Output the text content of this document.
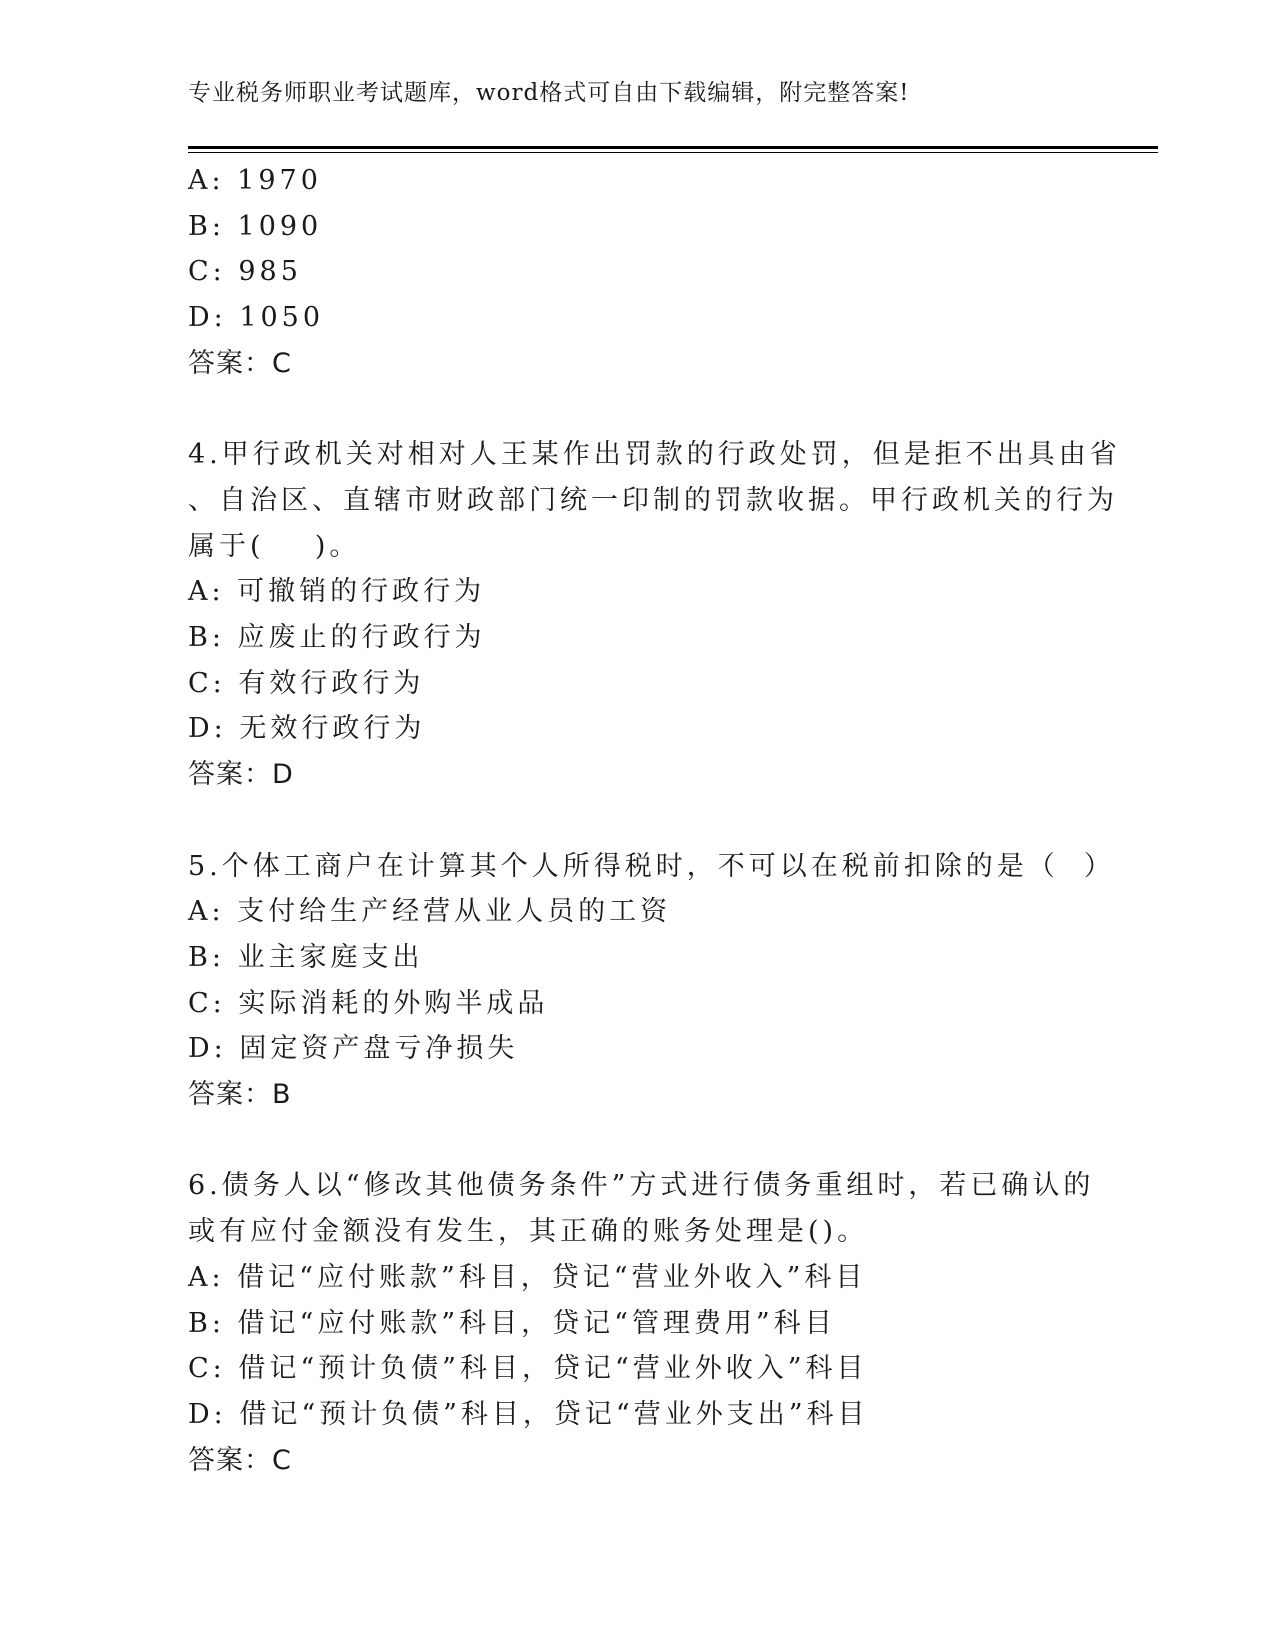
专业税务师职业考试题库，word格式可自由下载编辑，附完整答案!
A: 1970
B: 1090
C: 985
D: 1050
答案：C
4.甲行政机关对相对人王某作出罚款的行政处罚，但是拒不出具由省
、自治区、直辖市财政部门统一印制的罚款收据。甲行政机关的行为
属于(    )。
A: 可撤销的行政行为
B: 应废止的行政行为
C: 有效行政行为
D: 无效行政行为
答案：D
5.个体工商户在计算其个人所得税时，不可以在税前扣除的是（  ）
A: 支付给生产经营从业人员的工资
B: 业主家庭支出
C: 实际消耗的外购半成品
D: 固定资产盘亏净损失
答案：B
6.债务人以“修改其他债务条件”方式进行债务重组时，若已确认的
或有应付金额没有发生，其正确的账务处理是()。
A: 借记“应付账款”科目，贷记“营业外收入”科目
B: 借记“应付账款”科目，贷记“管理费用”科目
C: 借记“预计负债”科目，贷记“营业外收入”科目
D: 借记“预计负债”科目，贷记“营业外支出”科目
答案：C
